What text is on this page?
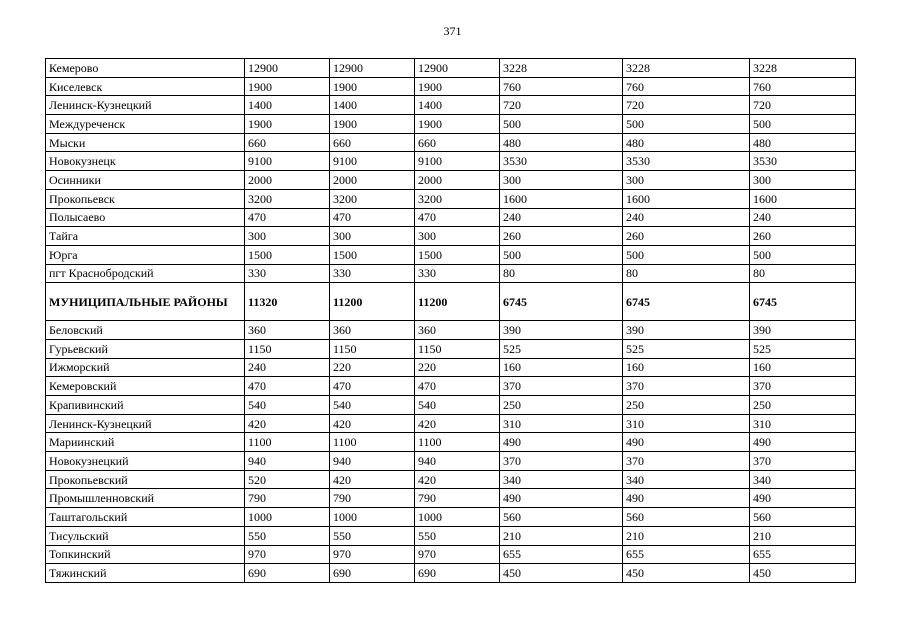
371
Кемерово	12900	12900	12900	3228	3228	3228
Киселевск	1900	1900	1900	760	760	760
Ленинск-Кузнецкий	1400	1400	1400	720	720	720
Междуреченск	1900	1900	1900	500	500	500
Мыски	660	660	660	480	480	480
Новокузнецк	9100	9100	9100	3530	3530	3530
Осинники	2000	2000	2000	300	300	300
Прокопьевск	3200	3200	3200	1600	1600	1600
Полысаево	470	470	470	240	240	240
Тайга	300	300	300	260	260	260
Юрга	1500	1500	1500	500	500	500
пгт Краснобродский	330	330	330	80	80	80
МУНИЦИПАЛЬНЫЕ РАЙОНЫ	11320	11200	11200	6745	6745	6745
Беловский	360	360	360	390	390	390
Гурьевский	1150	1150	1150	525	525	525
Ижморский	240	220	220	160	160	160
Кемеровский	470	470	470	370	370	370
Крапивинский	540	540	540	250	250	250
Ленинск-Кузнецкий	420	420	420	310	310	310
Мариинский	1100	1100	1100	490	490	490
Новокузнецкий	940	940	940	370	370	370
Прокопьевский	520	420	420	340	340	340
Промышленновский	790	790	790	490	490	490
Таштагольский	1000	1000	1000	560	560	560
Тисульский	550	550	550	210	210	210
Топкинский	970	970	970	655	655	655
Тяжинский	690	690	690	450	450	450
